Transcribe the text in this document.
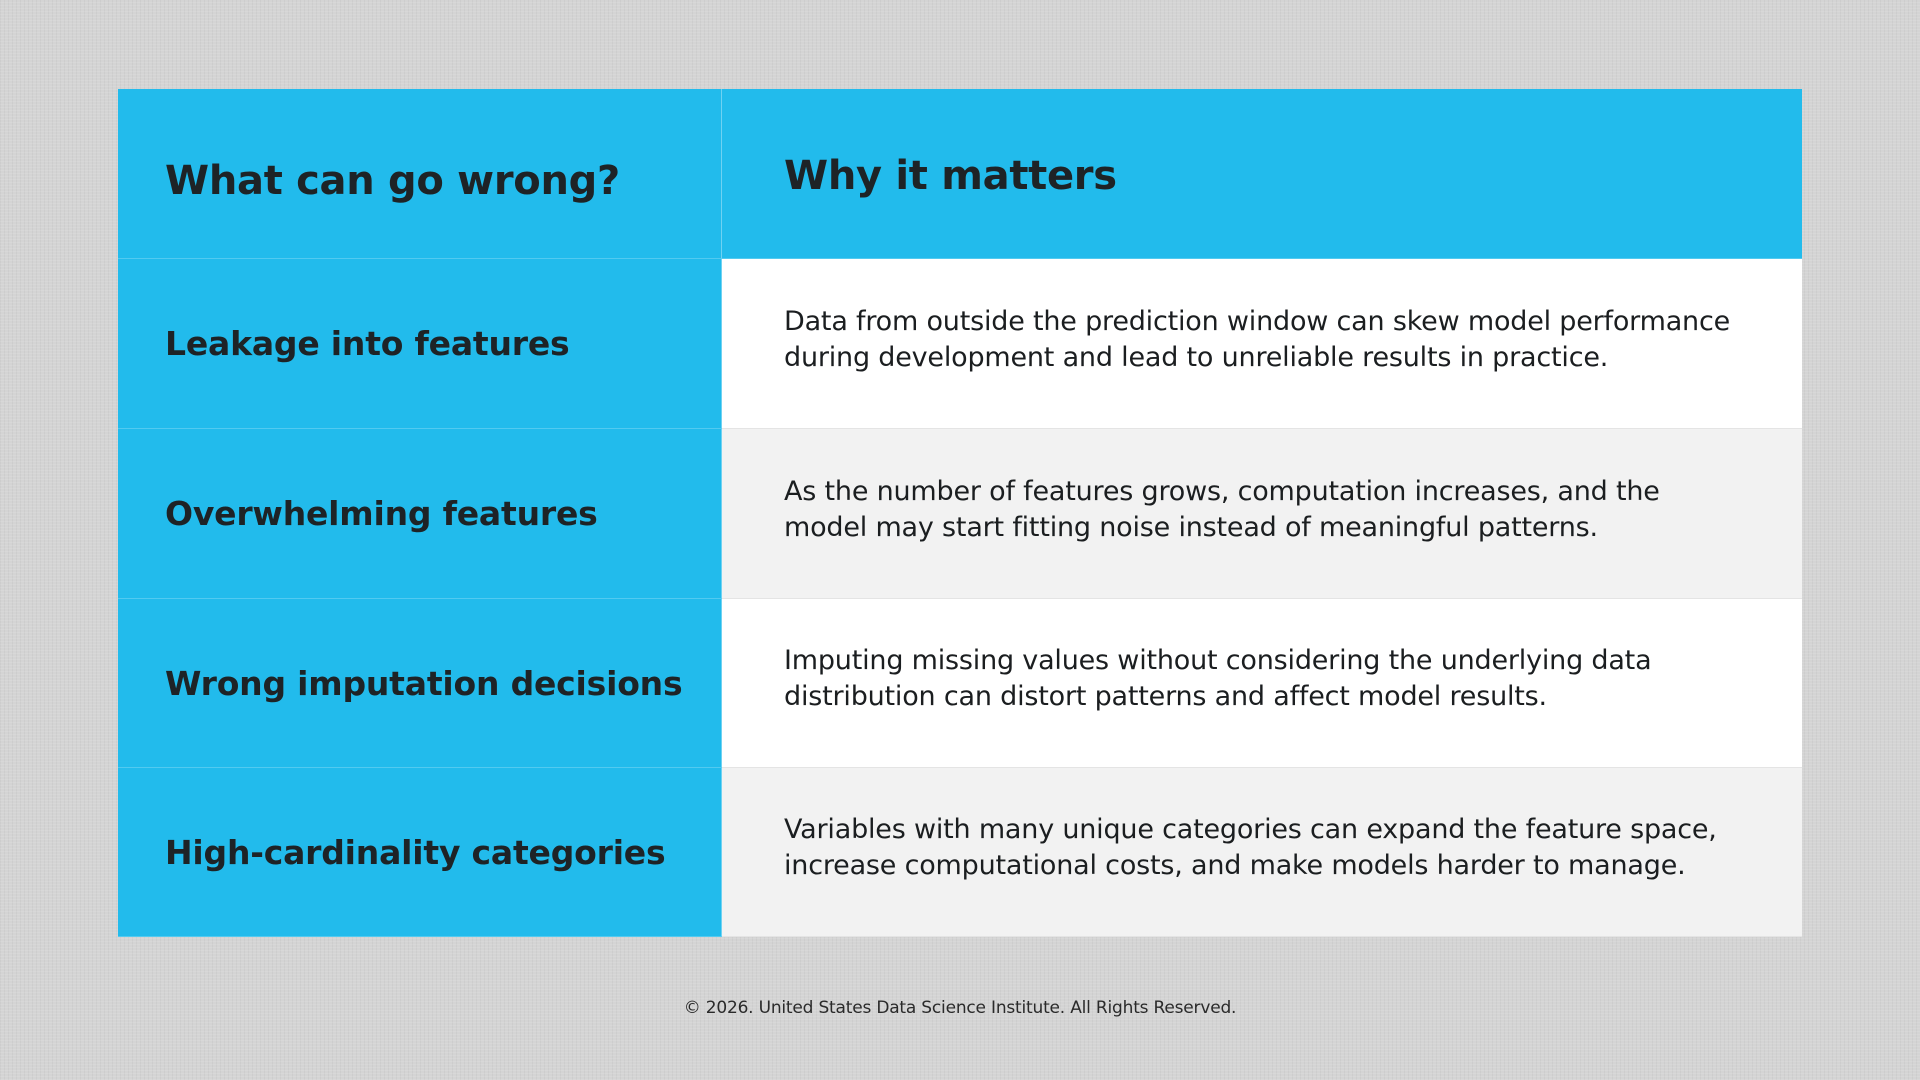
What can go wrong?	Why it matters
Leakage into features
Data from outside the prediction window can skew model performance during development and lead to unreliable results in practice.
Overwhelming features
As the number of features grows, computation increases, and the model may start fitting noise instead of meaningful patterns.
Wrong imputation decisions
Imputing missing values without considering the underlying data distribution can distort patterns and affect model results.
High-cardinality categories
Variables with many unique categories can expand the feature space, increase computational costs, and make models harder to manage.
© 2026. United States Data Science Institute. All Rights Reserved.
